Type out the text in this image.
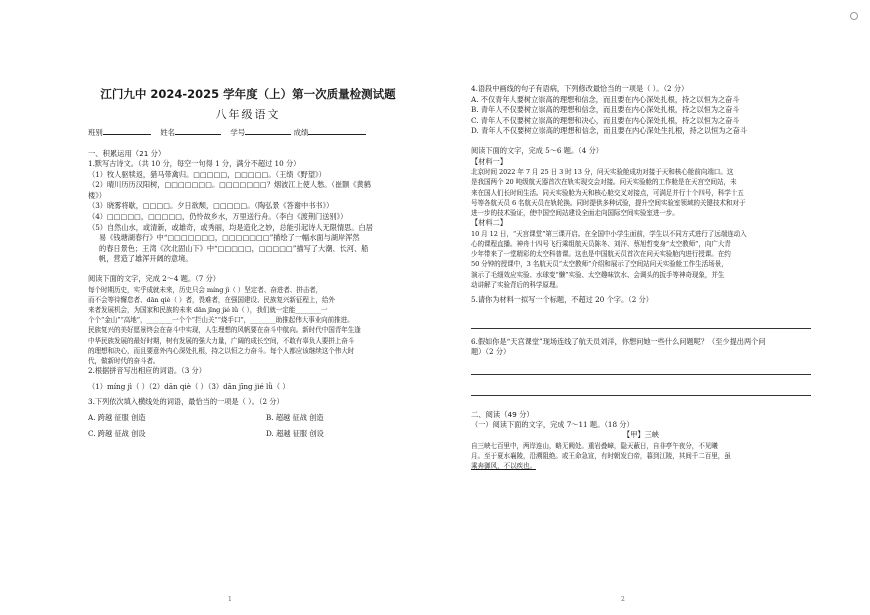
江门九中 2024-2025 学年度（上）第一次质量检测试题
八年级语文
班别	姓名	学号	成绩
一、积累运用（21 分）
1.默写古诗文。（共 10 分，每空一句得 1 分，满分不超过 10 分）
（1）牧人驱犊返，猎马带禽归。□□□□□，□□□□□。（王绩《野望》）
（2）晴川历历汉阳树，□□□□□□□。□□□□□□□？烟波江上使人愁。（崔颢《黄鹤
楼》）
（3）晓雾将歇，□□□□。夕日欲颓，□□□□□。（陶弘景《答谢中书书》）
（4）□□□□□，□□□□□，仍怜故乡水，万里送行舟。（李白《渡荆门送别》）
（5）自然山水，或清新，或雄奇，或秀丽，均是造化之妙，总能引起诗人无限情思。白居
易《钱塘湖春行》中“□□□□□□□，□□□□□□□”描绘了一幅水面与湖岸浑然
的春日景色；王湾《次北固山下》中“□□□□□，□□□□□”描写了大潮、长河、船
帆，营造了雄浑开阔的意境。
阅读下面的文字，完成 2～4 题。（7 分）
每个时期历史，实乎成就未来，历史只会 míng jì（ ）坚定者、奋进者、拼击者，
而不会等待懈怠者、dān qiè（ ）者，畏难者，在强国建设、民族复兴新征程上，给外
来者发展机会，为国家和民族的未来 dān jīng jié lǜ（ ），我们就一定能________一
个个“金山”“高地”，________一个个“拦山关”“烧手口”，________助推起伟大事业向前推进。
民族复兴的美好愿景终会在奋斗中实现，人生理想的风帆要在奋斗中航向。新时代中国青年生逢
中华民族发展的最好时期，树有发展的强大力量，广阔的成长空间，不敢有辜负人要拼上奋斗
的理想和决心，而且要意外内心深处扎根，持之以恒之力奋斗。每个人都应该继续这个伟大时
代，做新时代的奋斗者。
2.根据拼音写出相应的词语。（3 分）
（1）míng jì（ ）（2）dān qiè（ ）（3）dān jīng jié lǜ（ ）
3.下列依次填入横线处的词语，最恰当的一项是（ ）。（2 分）
A. 跨越 征服 创造	B. 超越 征战 创造
C. 跨越 征战 创设	D. 超越 征服 创设
1
4.语段中画线的句子有语病，下列修改最恰当的一项是（ ）。（2 分）
A. 不仅青年人要树立崇高的理想和信念，而且要在内心深处扎根，持之以恒为之奋斗
B. 青年人不仅要树立崇高的理想和信念，而且要在内心深处扎根，持之以恒为之奋斗
C. 青年人不仅要树立崇高的理想和决心，而且要在内心深处扎根，持之以恒为之奋斗
D. 青年人不仅要树立崇高的理想和信念，而且要在内心深处生扎根，持之以恒为之奋斗
阅读下面的文字，完成 5～6 题。（4 分）
【材料一】
北京时间 2022 年 7 月 25 日 3 时 13 分，问天实验舱成功对接于天和核心舱前向端口。这
是我国两个 20 吨级航天器首次在轨实现交会对接。问天实验舱的工作舱是在天宫空间站，未
来在国人们长时间生活。同天实验舱为天和核心舱交叉对接点，可满足并行十个四号，科学十五
号等各航天员 6 名航天员在轨轮换。同时提供多种试验，提升空间实验室领域的关键技术和对于
进一步的技术验证，使中国空间站建设全面走向国际空间实验室进一步。
【材料二】
10 月 12 日，“天宫课堂”第三课开启。在全国中小学生面前，学生以不同方式进行了远端连动入
心的课程直播。神舟十四号飞行乘组航天员陈冬、刘洋、蔡旭哲变身“太空教师”，向广大青
少年带来了一堂精彩的太空科普课。这也是中国航天员首次在问天实验舱内进行授课。在约
50 分钟的授课中，3 名航天员“太空教师”介绍和展示了空间站问天实验舱工作生活场景，
演示了毛细效应实验、水球变“懒”实验、太空趣味饮水、会调头的扳手等神奇现象，并生
动讲解了实验背后的科学原理。
5.请你为材料一拟写一个标题，不超过 20 个字。（2 分）
6.假如你是“天宫课堂”现场连线了航天员刘洋，你想问她一些什么问题呢？（至少提出两个问
题）（2 分）
二、阅读（49 分）
（一）阅读下面的文字，完成 7～11 题。（18 分）
【甲】三峡
自三峡七百里中，两岸连山，略无阙处。重岩叠嶂，隐天蔽日，自非亭午夜分，不见曦
月。至于夏水襄陵，沿溯阻绝。或王命急宣，有时朝发白帝，暮到江陵，其间千二百里，虽
乘奔御风，不以疾也。
2
